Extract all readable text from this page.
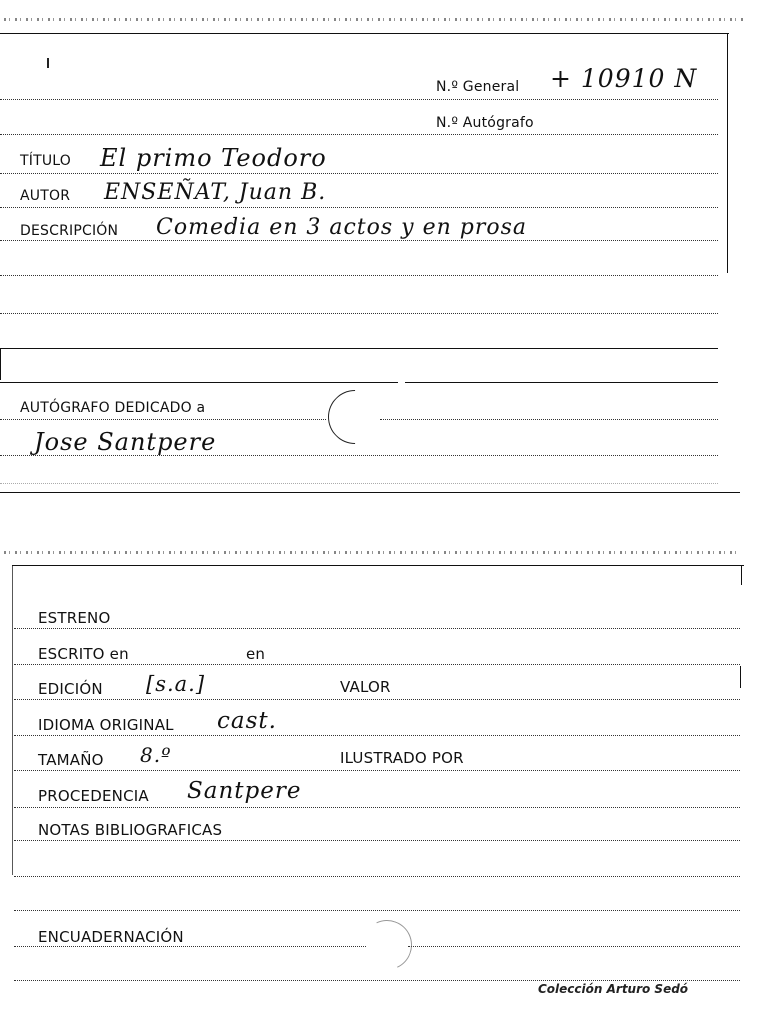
N.º General + 10910 N
N.º Autógrafo
TÍTULO El primo Teodoro
AUTOR ENSEÑAT, Juan B.
DESCRIPCIÓN Comedia en 3 actos y en prosa
AUTÓGRAFO DEDICADO a
Jose Santpere
ESTRENO
ESCRITO en	en
EDICIÓN [s.a.]	VALOR
IDIOMA ORIGINAL cast.
TAMAÑO 8.º	ILUSTRADO POR
PROCEDENCIA Santpere
NOTAS BIBLIOGRAFICAS
ENCUADERNACIÓN
Colección Arturo Sedó
